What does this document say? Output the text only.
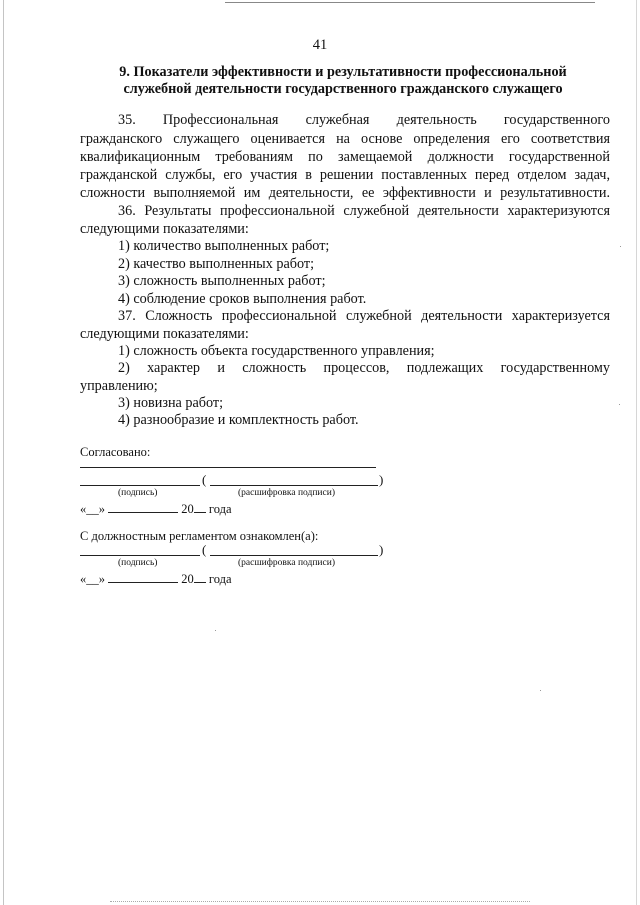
41
9. Показатели эффективности и результативности профессиональной
служебной деятельности государственного гражданского служащего
35. Профессиональная служебная деятельность государственного
гражданского служащего оценивается на основе определения его соответствия
квалификационным требованиям по замещаемой должности государственной
гражданской службы, его участия в решении поставленных перед отделом задач,
сложности выполняемой им деятельности, ее эффективности и результативности.
36. Результаты профессиональной служебной деятельности характеризуются
следующими показателями:
1) количество выполненных работ;
2) качество выполненных работ;
3) сложность выполненных работ;
4) соблюдение сроков выполнения работ.
37. Сложность профессиональной служебной деятельности характеризуется
следующими показателями:
1) сложность объекта государственного управления;
2) характер и сложность процессов, подлежащих государственному
управлению;
3) новизна работ;
4) разнообразие и комплектность работ.
Согласовано:
(	)
(подпись)	(расшифровка подписи)
«__»	20 года
С должностным регламентом ознакомлен(а):
(	)
(подпись)	(расшифровка подписи)
«__»	20 года
